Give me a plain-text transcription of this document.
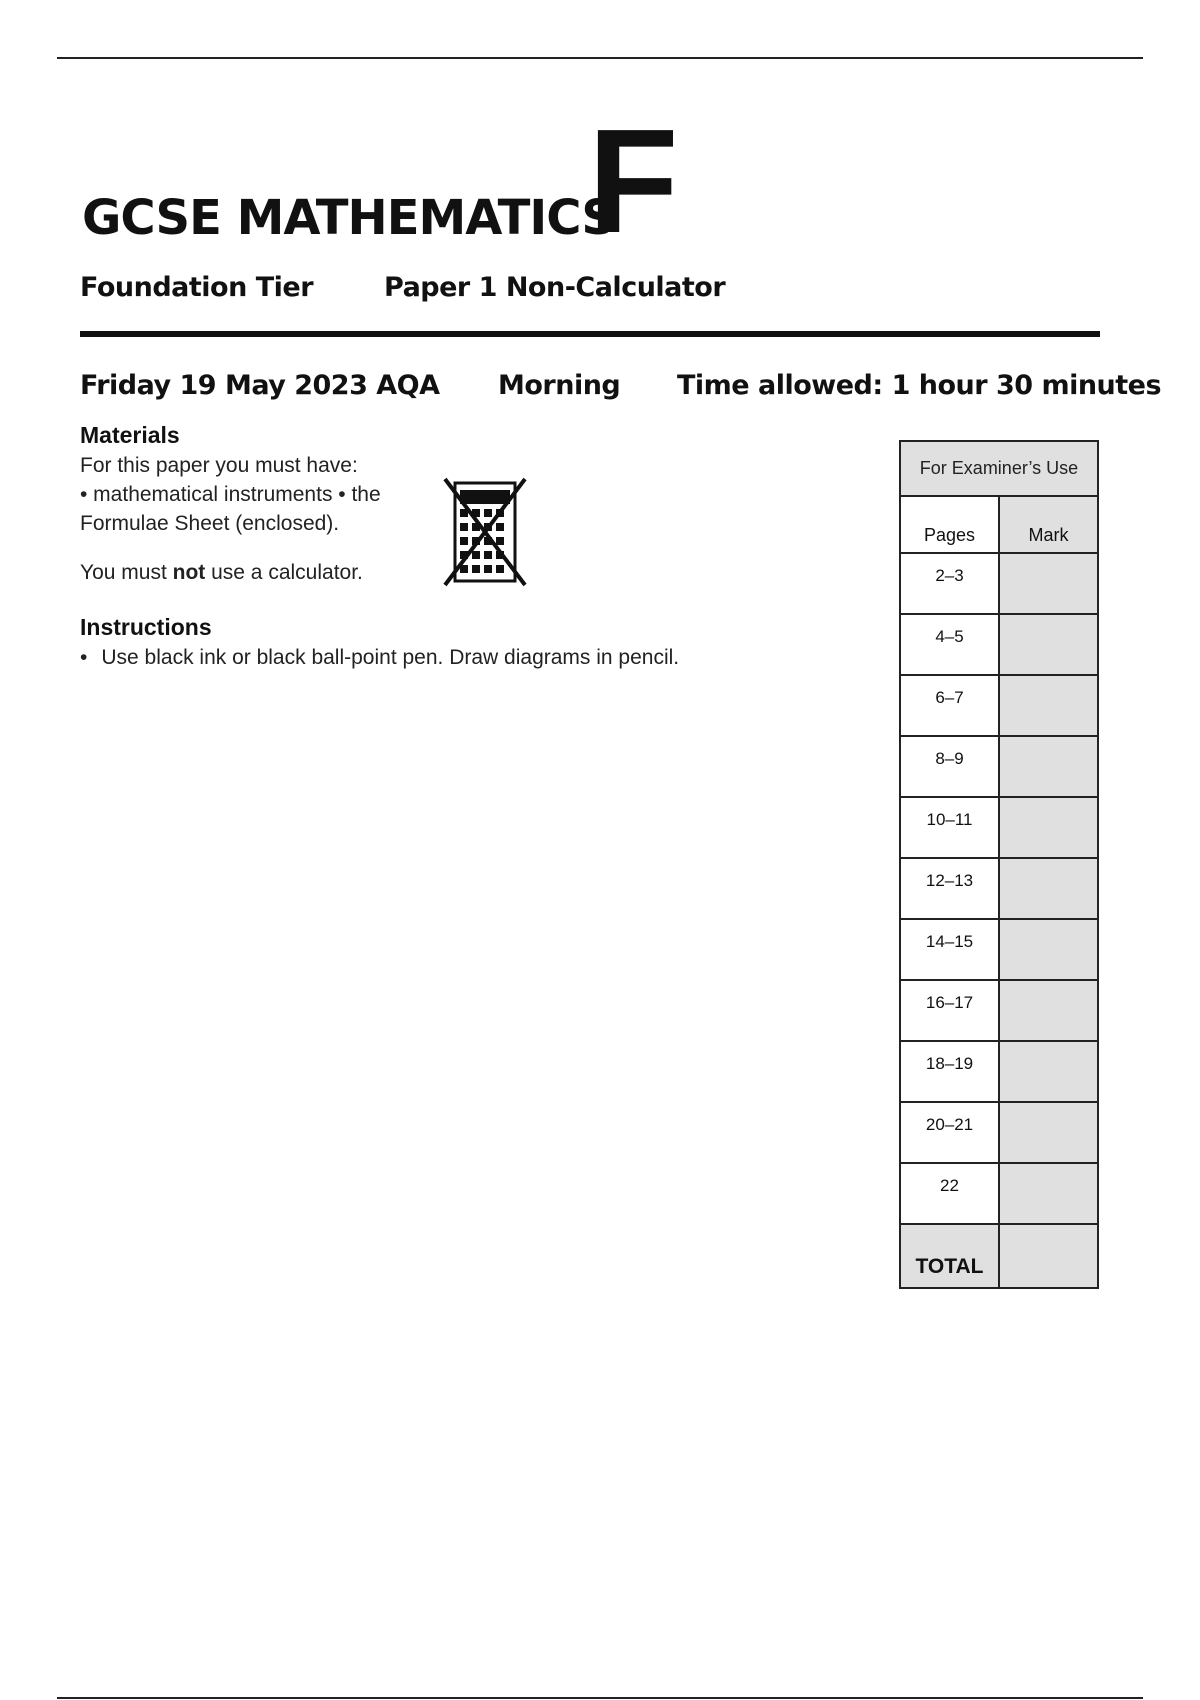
GCSE MATHEMATICS
F
Foundation Tier	Paper 1 Non-Calculator
Friday 19 May 2023 AQA Morning Time allowed: 1 hour 30 minutes
Materials
For this paper you must have:
• mathematical instruments • the
Formulae Sheet (enclosed).
You must not use a calculator.
Instructions
• Use black ink or black ball-point pen. Draw diagrams in pencil.
For Examiner’s Use
Pages	Mark
2–3
4–5
6–7
8–9
10–11
12–13
14–15
16–17
18–19
20–21
22
TOTAL
